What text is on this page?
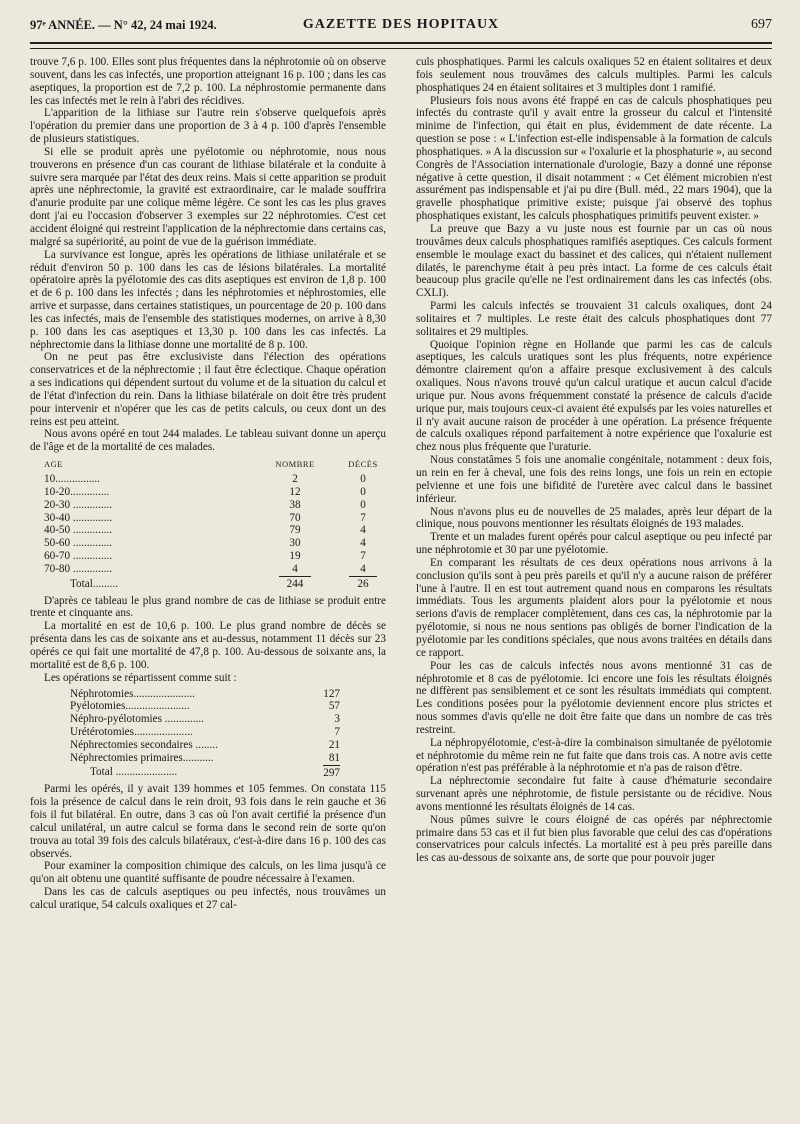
97ᵉ ANNÉE. — N° 42, 24 mai 1924.	GAZETTE DES HOPITAUX	697

trouve 7,6 p. 100. Elles sont plus fréquentes dans la néphrotomie où on observe souvent, dans les cas infectés, une proportion atteignant 16 p. 100 ; dans les cas aseptiques, la proportion est de 7,2 p. 100. La néphrostomie permanente dans les cas infectés met le rein à l'abri des récidives.

L'apparition de la lithiase sur l'autre rein s'observe quelquefois après l'opération du premier dans une proportion de 3 à 4 p. 100 d'après l'ensemble de plusieurs statistiques.

Si elle se produit après une pyélotomie ou néphrotomie, nous nous trouverons en présence d'un cas courant de lithiase bilatérale et la conduite à suivre sera marquée par l'état des deux reins. Mais si cette apparition se produit après une néphrectomie, la gravité est extraordinaire, car le malade souffrira d'anurie produite par une colique même légère. Ce sont les cas les plus graves dont j'ai eu l'occasion d'observer 3 exemples sur 22 néphrotomies. C'est cet accident éloigné qui restreint l'application de la néphrectomie dans certains cas, malgré sa supériorité, au point de vue de la guérison immédiate.

La survivance est longue, après les opérations de lithiase unilatérale et se réduit d'environ 50 p. 100 dans les cas de lésions bilatérales. La mortalité opératoire après la pyélotomie des cas dits aseptiques est environ de 1,8 p. 100 et de 6 p. 100 dans les infectés ; dans les néphrotomies et néphrostomies, elle arrive et surpasse, dans certaines statistiques, un pourcentage de 20 p. 100 dans les cas infectés, mais de l'ensemble des statistiques modernes, on arrive à 8,30 p. 100 dans les cas aseptiques et 13,30 p. 100 dans les cas infectés. La néphrectomie dans la lithiase donne une mortalité de 8 p. 100.

On ne peut pas être exclusiviste dans l'élection des opérations conservatrices et de la néphrectomie ; il faut être éclectique. Chaque opération a ses indications qui dépendent surtout du volume et de la situation du calcul et de l'état d'infection du rein. Dans la lithiase bilatérale on doit être très prudent pour intervenir et n'opérer que les cas de petits calculs, ou ceux dont un des reins est peu atteint.

Nous avons opéré en tout 244 malades. Le tableau suivant donne un aperçu de l'âge et de la mortalité de ces malades.

AGE	NOMBRE	DÉCÈS
10................	2	0
10-20..............	12	0
20-30 ..............	38	0
30-40 ..............	70	7
40-50 ..............	79	4
50-60 ..............	30	4
60-70 ..............	19	7
70-80 ..............	4	4
Total.........	244	26

D'après ce tableau le plus grand nombre de cas de lithiase se produit entre trente et cinquante ans.

La mortalité en est de 10,6 p. 100. Le plus grand nombre de décès se présenta dans les cas de soixante ans et au-dessus, notamment 11 décès sur 23 opérés ce qui fait une mortalité de 47,8 p. 100. Au-dessous de soixante ans, la mortalité est de 8,6 p. 100.

Les opérations se répartissent comme suit :

Néphrotomies......................	127
Pyélotomies.......................	57
Néphro-pyélotomies ..............	3
Urétérotomies.....................	7
Néphrectomies secondaires ........	21
Néphrectomies primaires...........	81
Total ......................	297

Parmi les opérés, il y avait 139 hommes et 105 femmes. On constata 115 fois la présence de calcul dans le rein droit, 93 fois dans le rein gauche et 36 fois il fut bilatéral. En outre, dans 3 cas où l'on avait certifié la présence d'un calcul unilatéral, un autre calcul se forma dans le second rein de sorte qu'on trouva au total 39 fois des calculs bilatéraux, c'est-à-dire dans 16 p. 100 des cas observés.

Pour examiner la composition chimique des calculs, on les lima jusqu'à ce qu'on ait obtenu une quantité suffisante de poudre nécessaire à l'examen.

Dans les cas de calculs aseptiques ou peu infectés, nous trouvâmes un calcul uratique, 54 calculs oxaliques et 27 cal-

culs phosphatiques. Parmi les calculs oxaliques 52 en étaient solitaires et deux fois seulement nous trouvâmes des calculs multiples. Parmi les calculs phosphatiques 24 en étaient solitaires et 3 multiples dont 1 ramifié.

Plusieurs fois nous avons été frappé en cas de calculs phosphatiques peu infectés du contraste qu'il y avait entre la grosseur du calcul et l'intensité minime de l'infection, qui était en plus, évidemment de date récente. La question se pose : « L'infection est-elle indispensable à la formation de calculs phosphatiques. » A la discussion sur « l'oxalurie et la phosphaturie », au second Congrès de l'Association internationale d'urologie, Bazy a donné une réponse négative à cette question, il disait notamment : « Cet élément microbien n'est assurément pas indispensable et j'ai pu dire (Bull. méd., 22 mars 1904), que la gravelle phosphatique primitive existe; puisque j'ai observé des tophus phosphatiques existant, les calculs phosphatiques primitifs peuvent exister. »

La preuve que Bazy a vu juste nous est fournie par un cas où nous trouvâmes deux calculs phosphatiques ramifiés aseptiques. Ces calculs forment ensemble le moulage exact du bassinet et des calices, qui n'étaient nullement dilatés, le parenchyme était à peu près intact. La forme de ces calculs était beaucoup plus gracile qu'elle ne l'est ordinairement dans les cas infectés (obs. CXLI).

Parmi les calculs infectés se trouvaient 31 calculs oxaliques, dont 24 solitaires et 7 multiples. Le reste était des calculs phosphatiques dont 77 solitaires et 29 multiples.

Quoique l'opinion règne en Hollande que parmi les cas de calculs aseptiques, les calculs uratiques sont les plus fréquents, notre expérience démontre clairement qu'on a affaire presque exclusivement à des calculs oxaliques. Nous n'avons trouvé qu'un calcul uratique et aucun calcul d'acide urique pur. Nous avons fréquemment constaté la présence de calculs d'acide urique pur, mais toujours ceux-ci avaient été expulsés par les voies naturelles et il n'y avait aucune raison de procéder à une opération. La présence fréquente de calculs oxaliques répond parfaitement à notre expérience que l'oxalurie est chez nous plus fréquente que l'uraturie.

Nous constatâmes 5 fois une anomalie congénitale, notamment : deux fois, un rein en fer à cheval, une fois des reins longs, une fois un rein en ectopie pelvienne et une fois une bifidité de l'uretère avec calcul dans le bassinet inférieur.

Nous n'avons plus eu de nouvelles de 25 malades, après leur départ de la clinique, nous pouvons mentionner les résultats éloignés de 193 malades.

Trente et un malades furent opérés pour calcul aseptique ou peu infecté par une néphrotomie et 30 par une pyélotomie.

En comparant les résultats de ces deux opérations nous arrivons à la conclusion qu'ils sont à peu près pareils et qu'il n'y a aucune raison de préférer l'une à l'autre. Il en est tout autrement quand nous en comparons les résultats immédiats. Tous les arguments plaident alors pour la pyélotomie et nous serions d'avis de remplacer complètement, dans ces cas, la néphrotomie par la pyélotomie, si nous ne nous sentions pas obligés de borner l'indication de la pyélotomie par les conditions spéciales, que nous avons traitées en détails dans ce rapport.

Pour les cas de calculs infectés nous avons mentionné 31 cas de néphrotomie et 8 cas de pyélotomie. Ici encore une fois les résultats éloignés ne diffèrent pas sensiblement et ce sont les résultats immédiats qui comptent. Les conditions posées pour la pyélotomie deviennent encore plus strictes et nous sommes d'avis qu'elle ne doit être faite que dans un nombre de cas très restreint.

La néphropyélotomie, c'est-à-dire la combinaison simultanée de pyélotomie et néphrotomie du même rein ne fut faite que dans trois cas. A notre avis cette opération n'est pas préférable à la néphrotomie et n'a pas de raison d'être.

La néphrectomie secondaire fut faite à cause d'hématurie secondaire survenant après une néphrotomie, de fistule persistante ou de récidive. Nous avons mentionné les résultats éloignés de 14 cas.

Nous pûmes suivre le cours éloigné de cas opérés par néphrectomie primaire dans 53 cas et il fut bien plus favorable que celui des cas d'opérations conservatrices pour calculs infectés. La mortalité est à peu près pareille dans les cas au-dessous de soixante ans, de sorte que pour pouvoir juger
